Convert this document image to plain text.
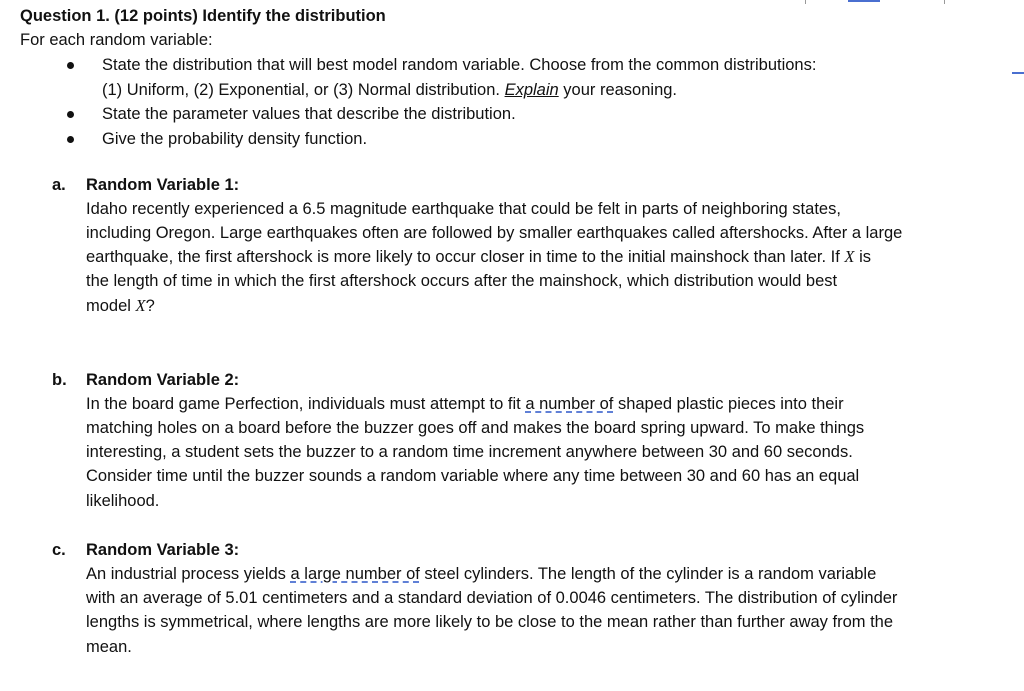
Question 1. (12 points) Identify the distribution
For each random variable:
State the distribution that will best model random variable. Choose from the common distributions:
(1) Uniform, (2) Exponential, or (3) Normal distribution. Explain your reasoning.
State the parameter values that describe the distribution.
Give the probability density function.
a. Random Variable 1:
Idaho recently experienced a 6.5 magnitude earthquake that could be felt in parts of neighboring states,
including Oregon. Large earthquakes often are followed by smaller earthquakes called aftershocks. After a large
earthquake, the first aftershock is more likely to occur closer in time to the initial mainshock than later. If X is
the length of time in which the first aftershock occurs after the mainshock, which distribution would best
model X?
b. Random Variable 2:
In the board game Perfection, individuals must attempt to fit a number of shaped plastic pieces into their
matching holes on a board before the buzzer goes off and makes the board spring upward. To make things
interesting, a student sets the buzzer to a random time increment anywhere between 30 and 60 seconds.
Consider time until the buzzer sounds a random variable where any time between 30 and 60 has an equal
likelihood.
c. Random Variable 3:
An industrial process yields a large number of steel cylinders. The length of the cylinder is a random variable
with an average of 5.01 centimeters and a standard deviation of 0.0046 centimeters. The distribution of cylinder
lengths is symmetrical, where lengths are more likely to be close to the mean rather than further away from the
mean.
